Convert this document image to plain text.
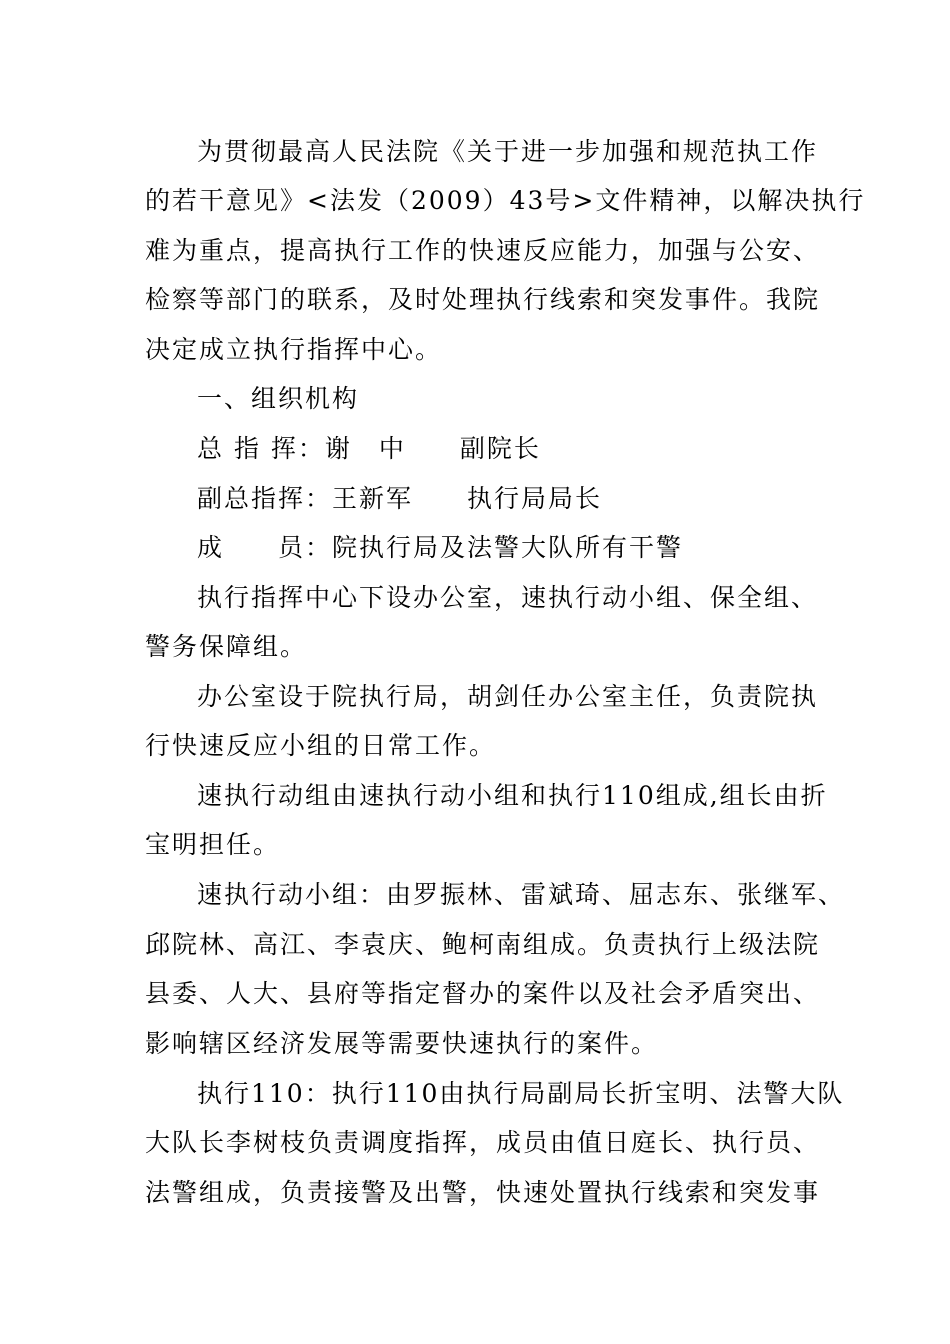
为贯彻最高人民法院《关于进一步加强和规范执工作
的若干意见》<法发（2009）43号>文件精神，以解决执行
难为重点，提高执行工作的快速反应能力，加强与公安、
检察等部门的联系，及时处理执行线索和突发事件。我院
决定成立执行指挥中心。
一、组织机构
总 指 挥：谢　中　　副院长
副总指挥：王新军　　执行局局长
成　　员：院执行局及法警大队所有干警
执行指挥中心下设办公室，速执行动小组、保全组、
警务保障组。
办公室设于院执行局，胡剑任办公室主任，负责院执
行快速反应小组的日常工作。
速执行动组由速执行动小组和执行110组成,组长由折
宝明担任。
速执行动小组：由罗振林、雷斌琦、屈志东、张继军、
邱院林、高江、李袁庆、鲍柯南组成。负责执行上级法院
县委、人大、县府等指定督办的案件以及社会矛盾突出、
影响辖区经济发展等需要快速执行的案件。
执行110：执行110由执行局副局长折宝明、法警大队
大队长李树枝负责调度指挥，成员由值日庭长、执行员、
法警组成，负责接警及出警，快速处置执行线索和突发事
